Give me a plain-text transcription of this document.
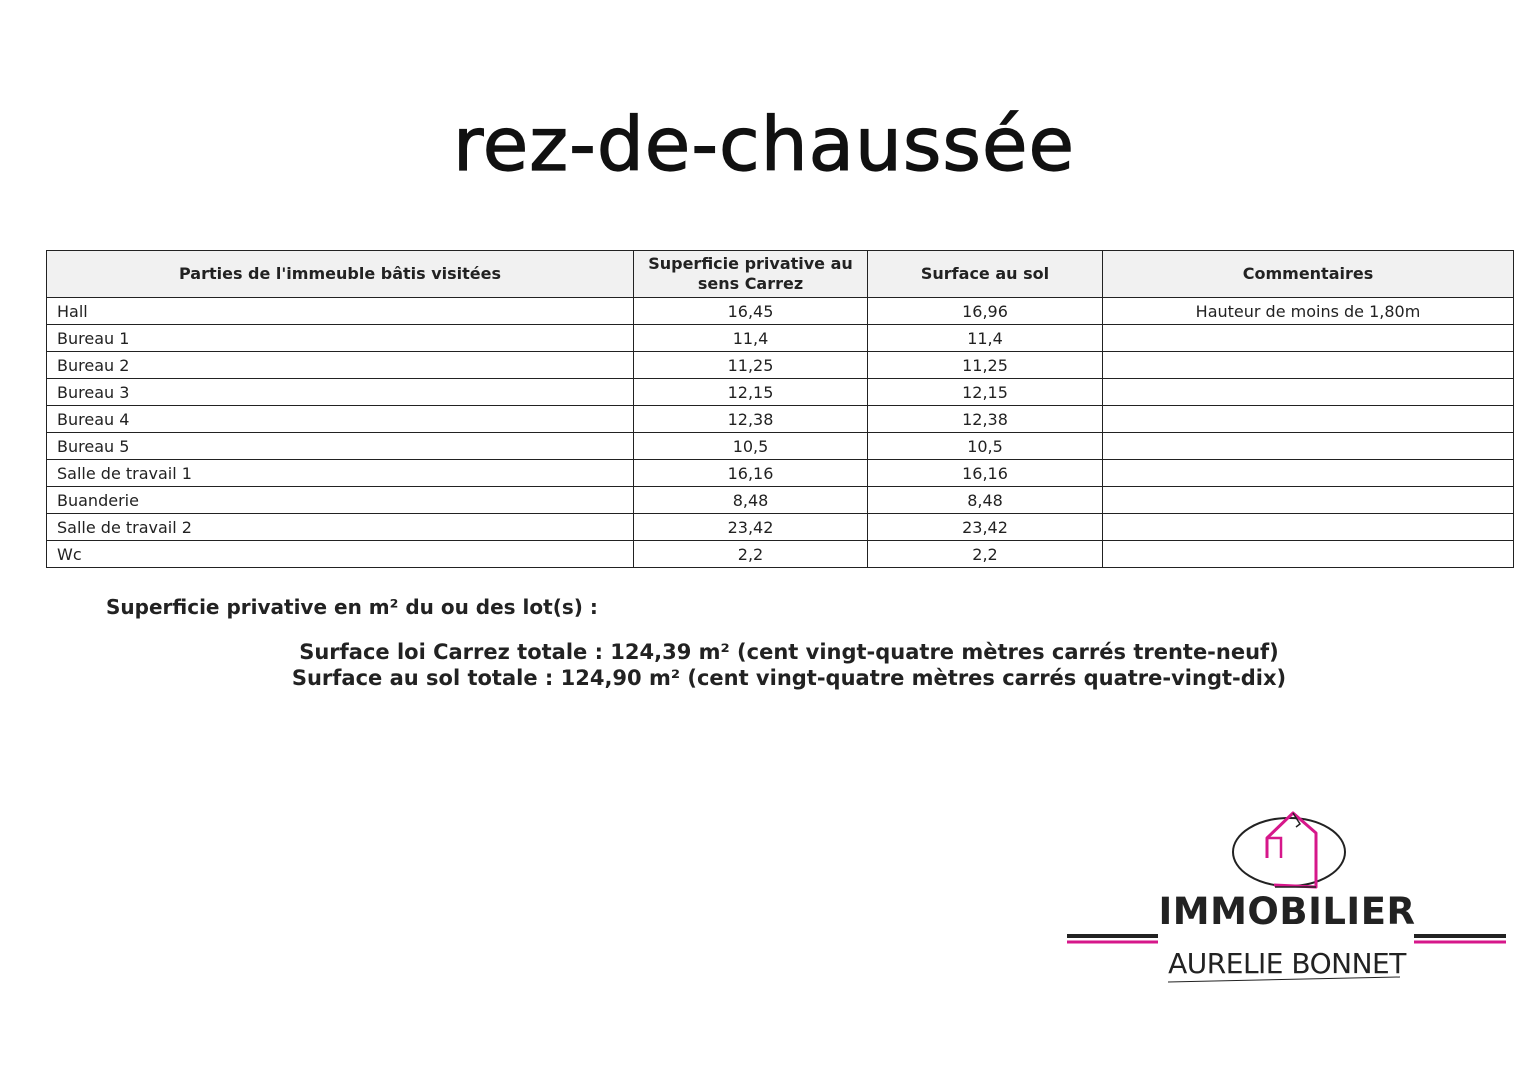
rez-de-chaussée
Parties de l'immeuble bâtis visitées	Superficie privative au sens Carrez	Surface au sol	Commentaires
Hall	16,45	16,96	Hauteur de moins de 1,80m
Bureau 1	11,4	11,4	
Bureau 2	11,25	11,25	
Bureau 3	12,15	12,15	
Bureau 4	12,38	12,38	
Bureau 5	10,5	10,5	
Salle de travail 1	16,16	16,16	
Buanderie	8,48	8,48	
Salle de travail 2	23,42	23,42	
Wc	2,2	2,2	
Superficie privative en m² du ou des lot(s) :
Surface loi Carrez totale : 124,39 m² (cent vingt-quatre mètres carrés trente-neuf)
Surface au sol totale : 124,90 m² (cent vingt-quatre mètres carrés quatre-vingt-dix)
IMMOBILIER
AURELIE BONNET
